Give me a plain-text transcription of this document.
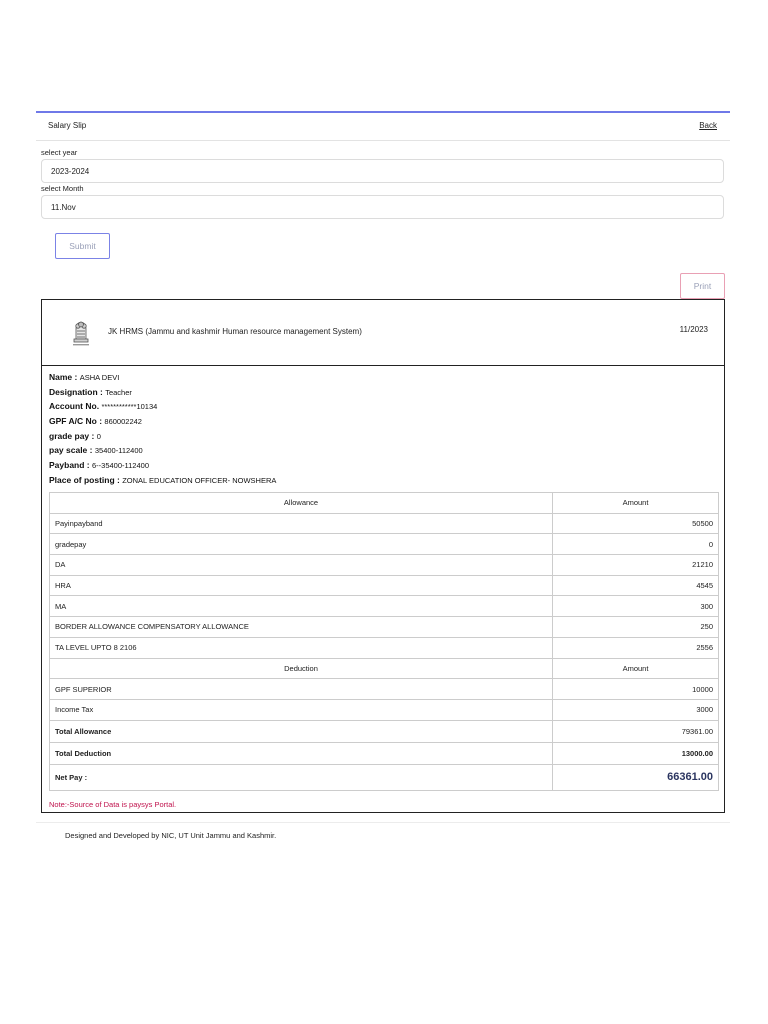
Salary Slip	Back
select year
2023-2024
select Month
11.Nov
Submit
Print
JK HRMS (Jammu and kashmir Human resource management System)	11/2023
Name : ASHA DEVI
Designation : Teacher
Account No. ************10134
GPF A/C No : 860002242
grade pay : 0
pay scale : 35400-112400
Payband : 6--35400-112400
Place of posting : ZONAL EDUCATION OFFICER- NOWSHERA
Allowance	Amount
Payinpayband	50500
gradepay	0
DA	21210
HRA	4545
MA	300
BORDER ALLOWANCE COMPENSATORY ALLOWANCE	250
TA LEVEL UPTO 8 2106	2556
Deduction	Amount
GPF SUPERIOR	10000
Income Tax	3000
Total Allowance	79361.00
Total Deduction	13000.00
Net Pay :	66361.00
Note:-Source of Data is paysys Portal.
Designed and Developed by NIC, UT Unit Jammu and Kashmir.
